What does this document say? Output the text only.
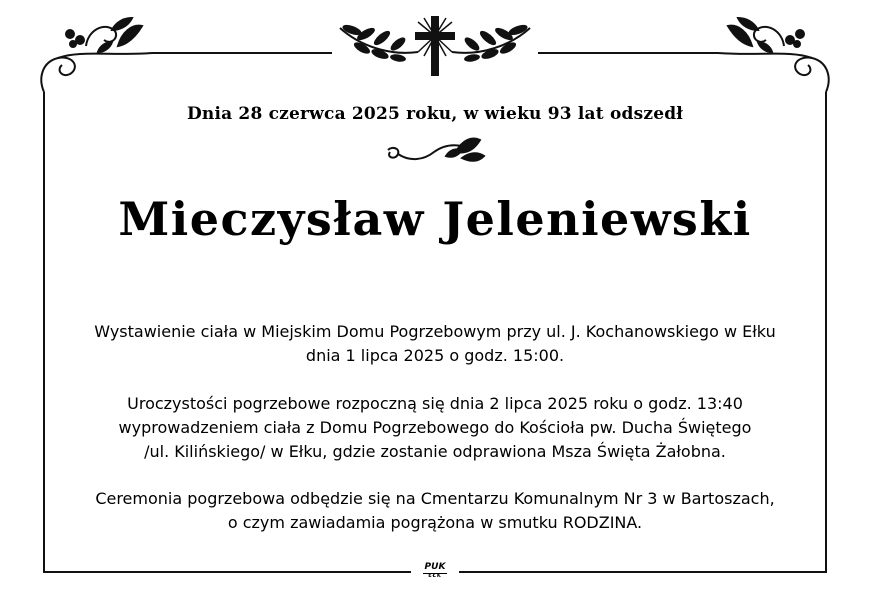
Dnia 28 czerwca 2025 roku, w wieku 93 lat odszedł
Mieczysław Jeleniewski
Wystawienie ciała w Miejskim Domu Pogrzebowym przy ul. J. Kochanowskiego w Ełku
dnia 1 lipca 2025 o godz. 15:00.
Uroczystości pogrzebowe rozpoczną się dnia 2 lipca 2025 roku o godz. 13:40
wyprowadzeniem ciała z Domu Pogrzebowego do Kościoła pw. Ducha Świętego
/ul. Kilińskiego/ w Ełku, gdzie zostanie odprawiona Msza Święta Żałobna.
Ceremonia pogrzebowa odbędzie się na Cmentarzu Komunalnym Nr 3 w Bartoszach,
o czym zawiadamia pogrążona w smutku RODZINA.
PUK
EŁK
